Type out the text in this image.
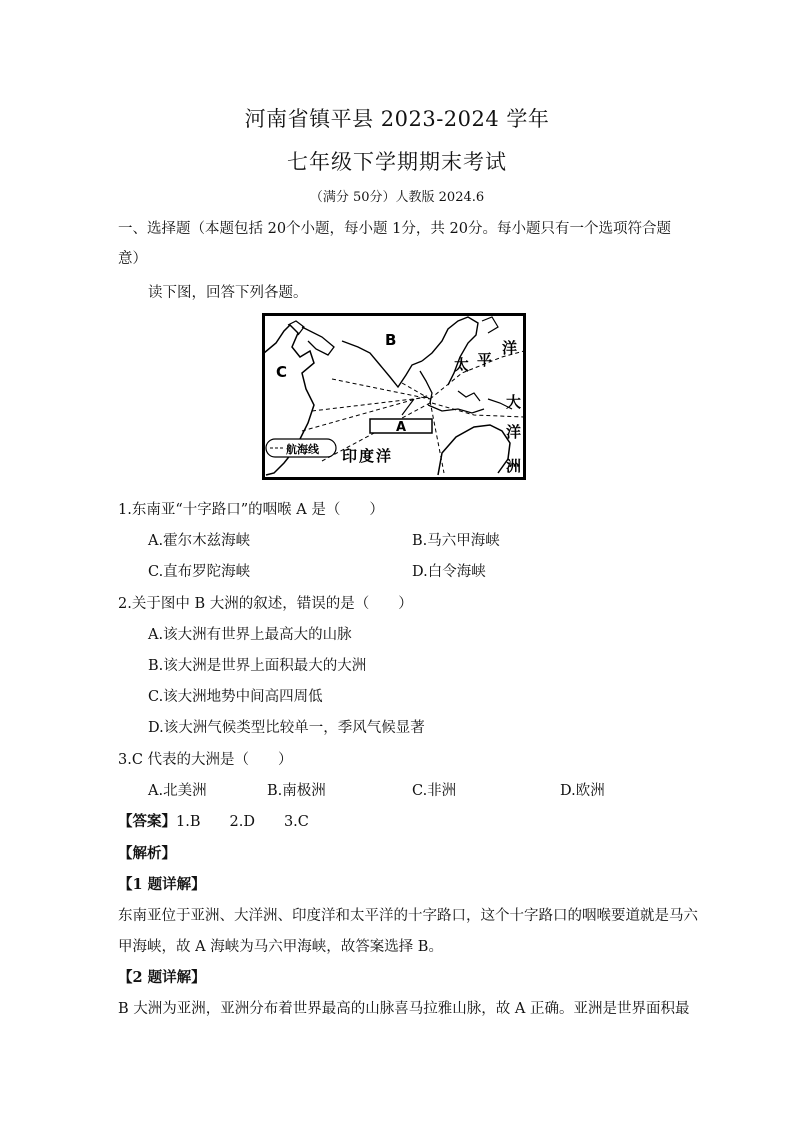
河南省镇平县 2023-2024 学年
七年级下学期期末考试
（满分 50分）人教版 2024.6
一、选择题（本题包括 20个小题，每小题 1分，共 20分。每小题只有一个选项符合题
意）
读下图，回答下列各题。
A
B
C	太 平
洋
大
洋
洲
印度洋
航海线
1.东南亚“十字路口”的咽喉 A 是（　　）
A.霍尔木兹海峡	B.马六甲海峡
C.直布罗陀海峡	D.白令海峡
2.关于图中 B 大洲的叙述，错误的是（　　）
A.该大洲有世界上最高大的山脉
B.该大洲是世界上面积最大的大洲
C.该大洲地势中间高四周低
D.该大洲气候类型比较单一，季风气候显著
3.C 代表的大洲是（　　）
A.北美洲	B.南极洲	C.非洲	D.欧洲
【答案】1.B　　2.D　　3.C
【解析】
【1 题详解】
东南亚位于亚洲、大洋洲、印度洋和太平洋的十字路口，这个十字路口的咽喉要道就是马六
甲海峡，故 A 海峡为马六甲海峡，故答案选择 B。
【2 题详解】
B 大洲为亚洲，亚洲分布着世界最高的山脉喜马拉雅山脉，故 A 正确。亚洲是世界面积最
